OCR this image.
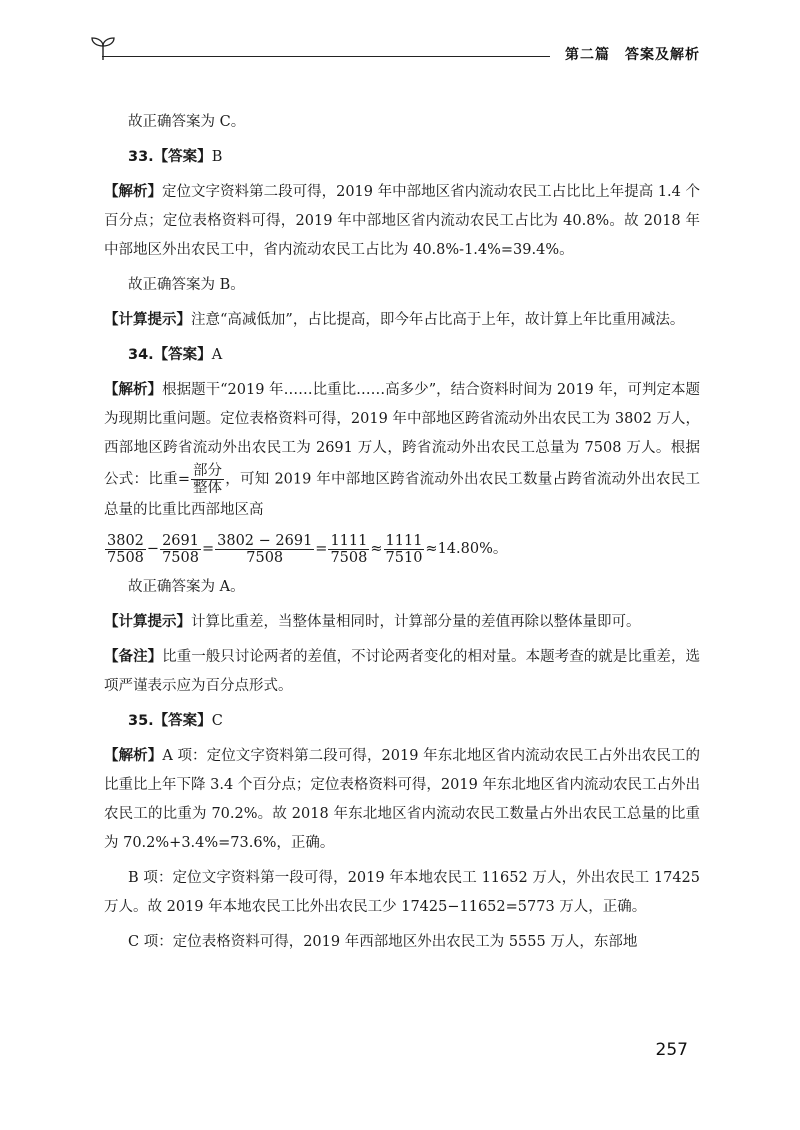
第二篇　答案及解析

故正确答案为 C。

33.【答案】B

【解析】定位文字资料第二段可得，2019 年中部地区省内流动农民工占比比上年提高 1.4 个百分点；定位表格资料可得，2019 年中部地区省内流动农民工占比为 40.8%。故 2018 年中部地区外出农民工中，省内流动农民工占比为 40.8%-1.4%=39.4%。

故正确答案为 B。

【计算提示】注意“高减低加”，占比提高，即今年占比高于上年，故计算上年比重用减法。

34.【答案】A

【解析】根据题干“2019 年……比重比……高多少”，结合资料时间为 2019 年，可判定本题为现期比重问题。定位表格资料可得，2019 年中部地区跨省流动外出农民工为 3802 万人，西部地区跨省流动外出农民工为 2691 万人，跨省流动外出农民工总量为 7508 万人。根据公式：比重= $\frac{\text{部分}}{\text{整体}}$ ，可知 2019 年中部地区跨省流动外出农民工数量占跨省流动外出农民工总量的比重比西部地区高

$\frac{3802}{7508} - \frac{2691}{7508} = \frac{3802 - 2691}{7508} = \frac{1111}{7508} \approx \frac{1111}{7510} \approx 14.80\%$。

故正确答案为 A。

【计算提示】计算比重差，当整体量相同时，计算部分量的差值再除以整体量即可。

【备注】比重一般只讨论两者的差值，不讨论两者变化的相对量。本题考查的就是比重差，选项严谨表示应为百分点形式。

35.【答案】C

【解析】A 项：定位文字资料第二段可得，2019 年东北地区省内流动农民工占外出农民工的比重比上年下降 3.4 个百分点；定位表格资料可得，2019 年东北地区省内流动农民工占外出农民工的比重为 70.2%。故 2018 年东北地区省内流动农民工数量占外出农民工总量的比重为 70.2%+3.4%=73.6%，正确。

B 项：定位文字资料第一段可得，2019 年本地农民工 11652 万人，外出农民工 17425 万人。故 2019 年本地农民工比外出农民工少 17425−11652=5773 万人，正确。

C 项：定位表格资料可得，2019 年西部地区外出农民工为 5555 万人，东部地

257
